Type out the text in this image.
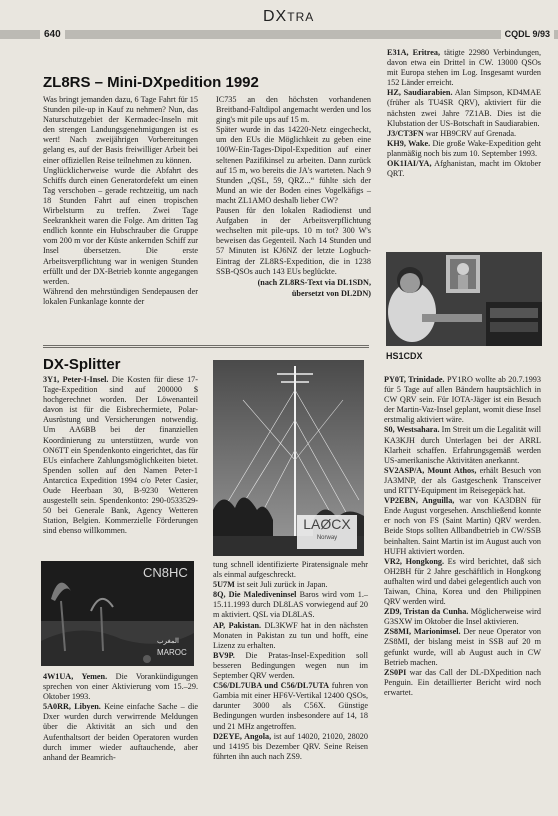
DXTRA
640	CQDL 9/93
ZL8RS – Mini-DXpedition 1992

Was bringt jemanden dazu, 6 Tage Fahrt für 15 Stunden pile-up in Kauf zu nehmen? Nun, das Naturschutzgebiet der Kermadec-Inseln mit den strengen Landungsgenehmigungen ist es wert! Nach zweijährigen Vorbereitungen gelang es, auf der Basis freiwilliger Arbeit bei einer offiziellen Reise teilnehmen zu können.

Unglücklicherweise wurde die Abfahrt des Schiffs durch einen Generatordefekt um einen Tag verschoben – gerade rechtzeitig, um nach 18 Stunden Fahrt auf einen tropischen Wirbelsturm zu treffen. Zwei Tage Seekrankheit waren die Folge. Am dritten Tag endlich konnte ein Hubschrauber die Gruppe vom 200 m vor der Küste ankernden Schiff zur Insel übersetzen. Die erste Arbeitsverpflichtung war in wenigen Stunden erfüllt und der DX-Betrieb konnte angegangen werden.

Während den mehrstündigen Sendepausen der lokalen Funkanlage konnte der

IC735 an den höchsten vorhandenen Breitband-Faltdipol angemacht werden und los ging's mit pile ups auf 15 m.

Später wurde in das 14220-Netz eingecheckt, um den EUs die Möglichkeit zu geben eine 100W-Ein-Tages-Dipol-Expedition auf einer seltenen Pazifikinsel zu arbeiten. Dann zurück auf 15 m, wo bereits die JA's warteten. Nach 9 Stunden „QSL, 59, QRZ...“ fühlte sich der Mund an wie der Boden eines Vogelkäfigs – macht ZL1AMO deshalb lieber CW?

Pausen für den lokalen Radiodienst und Aufgaben in der Arbeitsverpflichtung wechselten mit pile-ups. 10 m tot? 300 W's beweisen das Gegenteil. Nach 14 Stunden und 57 Minuten ist KJ6NZ der letzte Logbuch-Eintrag der ZL8RS-Expedition, die in 1238 SSB-QSOs auch 143 EUs beglückte.

(nach ZL8RS-Text via DL1SDN,

übersetzt von DL2DN)

E31A, Eritrea, tätigte 22980 Verbindungen, davon etwa ein Drittel in CW. 13000 QSOs mit Europa stehen im Log. Insgesamt wurden 152 Länder erreicht.

HZ, Saudiarabien. Alan Simpson, KD4MAE (früher als TU4SR QRV), aktiviert für die nächsten zwei Jahre 7Z1AB. Dies ist die Klubstation der US-Botschaft in Saudiarabien.

J3/CT3FN war HB9CRV auf Grenada.

KH9, Wake. Die große Wake-Expedition geht planmäßig noch bis zum 10. September 1993.

OK1IAI/YA, Afghanistan, macht im Oktober QRT.

HS1CDX
DX-Splitter

3Y1, Peter-I-Insel. Die Kosten für diese 17-Tage-Expedition sind auf 200000 $ hochgerechnet worden. Der Löwenanteil davon ist für die Eisbrechermiete, Polar-Ausrüstung und Versicherungen notwendig. Um AA6BB bei der finanziellen Koordinierung zu unterstützen, wurde von ON6TT ein Spendenkonto eingerichtet, das für EUs einfachere Zahlungsmöglichkeiten bietet. Spenden sollen auf den Namen Peter-1 Antarctica Expedition 1994 c/o Peter Casier, Oude Heerbaan 30, B-9230 Wetteren ausgestellt sein. Spendenkonto: 290-0533529-50 bei Generale Bank, Agency Wetteren Station, Belgien. Kommerzielle Förderungen sind ebenso willkommen.	LAØCX
Norway
CN8HC
المغرب
MAROC

4W1UA, Yemen. Die Vorankündigungen sprechen von einer Aktivierung vom 15.–29. Oktober 1993.

5A0RR, Libyen. Keine einfache Sache – die Dxer wurden durch verwirrende Meldungen über die Aktivität an sich und den Aufenthaltsort der beiden Operatoren wurden durch immer wieder auftauchende, aber anhand der Beamrich-

tung schnell identifizierte Piratensignale mehr als einmal aufgeschreckt.

5U7M ist seit Juli zurück in Japan.

8Q, Die Malediveninsel Baros wird vom 1.–15.11.1993 durch DL8LAS vorwiegend auf 20 m aktiviert. QSL via DL8LAS.

AP, Pakistan. DL3KWF hat in den nächsten Monaten in Pakistan zu tun und hofft, eine Lizenz zu erhalten.

BV9P. Die Pratas-Insel-Expedition soll besseren Bedingungen wegen nun im September QRV werden.

C56/DL7UBA und C56/DL7UTA fuhren von Gambia mit einer HF6V-Vertikal 12400 QSOs, darunter 3000 als C56X. Günstige Bedingungen wurden insbesondere auf 14, 18 und 21 MHz angetroffen.

D2EYE, Angola, ist auf 14020, 21020, 28020 und 14195 bis Dezember QRV. Seine Reisen führten ihn auch nach ZS9.

PY0T, Trinidade. PY1RO wollte ab 20.7.1993 für 5 Tage auf allen Bändern hauptsächlich in CW QRV sein. Für IOTA-Jäger ist ein Besuch der Martin-Vaz-Insel geplant, womit diese Insel erstmalig aktiviert wäre.

S0, Westsahara. Im Streit um die Legalität will KA3KJH durch Unterlagen bei der ARRL Klarheit schaffen. Erfahrungsgemäß werden US-amerikanische Aktivitäten anerkannt.

SV2ASP/A, Mount Athos, erhält Besuch von JA3MNP, der als Gastgeschenk Transceiver und RTTY-Equipment im Reisegepäck hat.

VP2EBN, Anguilla, war von KA3DBN für Ende August vorgesehen. Anschließend konnte er noch von FS (Saint Martin) QRV werden. Beide Stops sollten Allbandbetrieb in CW/SSB beinhalten. Saint Martin ist im August auch von HUFH aktiviert worden.

VR2, Hongkong. Es wird berichtet, daß sich OH2BH für 2 Jahre geschäftlich in Hongkong aufhalten wird und dabei gelegentlich auch von Taiwan, China, Korea und den Philippinen QRV werden wird.

ZD9, Tristan da Cunha. Möglicherweise wird G3SXW im Oktober die Insel aktivieren.

ZS8MI, Marionimsel. Der neue Operator von ZS8MI, der bislang meist in SSB auf 20 m gefunkt wurde, will ab August auch in CW Betrieb machen.

ZS0PI war das Call der DL-DXpedition nach Penguin. Ein detaillierter Bericht wird noch erwartet.
